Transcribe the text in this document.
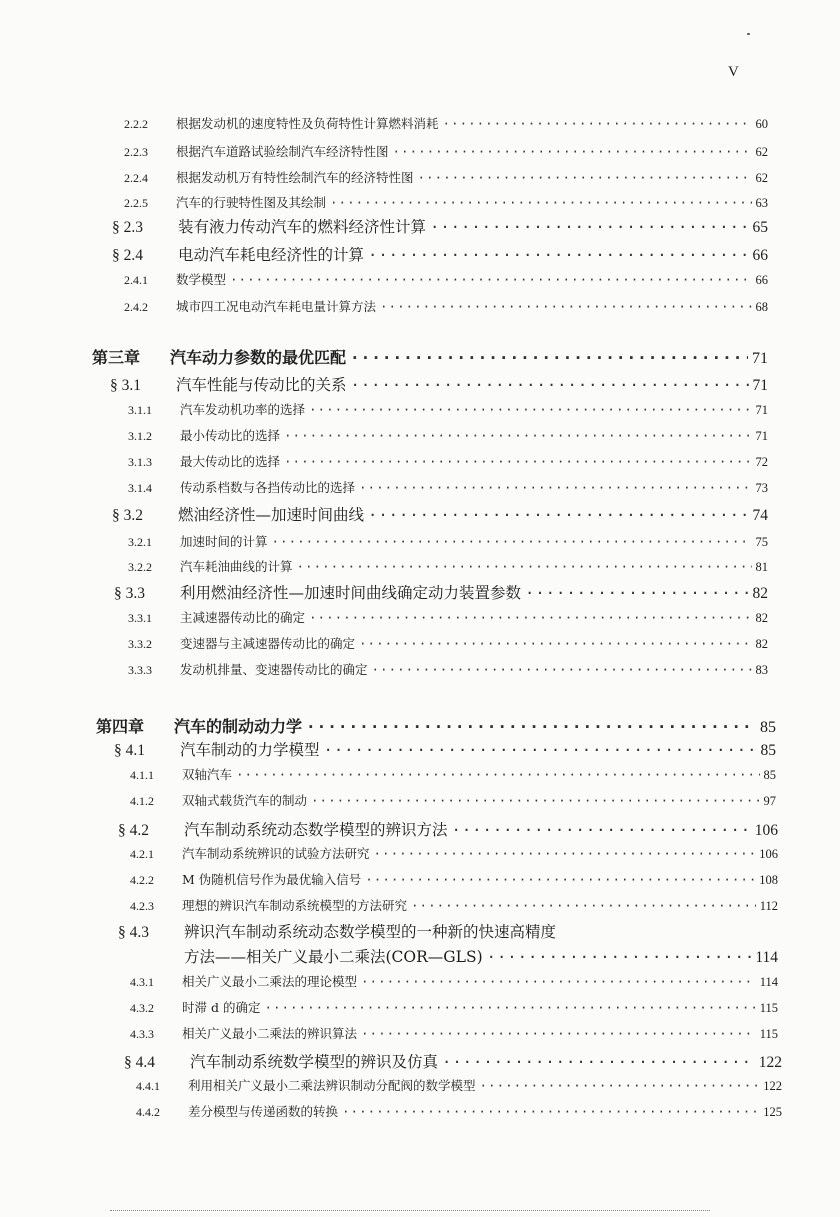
V
2.2.2	根据发动机的速度特性及负荷特性计算燃料消耗 ·····	60
2.2.3	根据汽车道路试验绘制汽车经济特性图 ·····	62
2.2.4	根据发动机万有特性绘制汽车的经济特性图 ·····	62
2.2.5	汽车的行驶特性图及其绘制 ·····	63
§ 2.3	装有液力传动汽车的燃料经济性计算 ·····	65
§ 2.4	电动汽车耗电经济性的计算 ·····	66
2.4.1	数学模型 ·····	66
2.4.2	城市四工况电动汽车耗电量计算方法 ·····	68
第三章	汽车动力参数的最优匹配 ·····	71
§ 3.1	汽车性能与传动比的关系 ·····	71
3.1.1	汽车发动机功率的选择 ·····	71
3.1.2	最小传动比的选择 ·····	71
3.1.3	最大传动比的选择 ·····	72
3.1.4	传动系档数与各挡传动比的选择 ·····	73
§ 3.2	燃油经济性—加速时间曲线 ·····	74
3.2.1	加速时间的计算 ·····	75
3.2.2	汽车耗油曲线的计算 ·····	81
§ 3.3	利用燃油经济性—加速时间曲线确定动力装置参数 ·····	82
3.3.1	主减速器传动比的确定 ·····	82
3.3.2	变速器与主减速器传动比的确定 ·····	82
3.3.3	发动机排量、变速器传动比的确定 ·····	83
第四章	汽车的制动动力学 ·····	85
§ 4.1	汽车制动的力学模型 ·····	85
4.1.1	双轴汽车 ·····	85
4.1.2	双轴式载货汽车的制动 ·····	97
§ 4.2	汽车制动系统动态数学模型的辨识方法 ·····	106
4.2.1	汽车制动系统辨识的试验方法研究 ·····	106
4.2.2	M 伪随机信号作为最优输入信号 ·····	108
4.2.3	理想的辨识汽车制动系统模型的方法研究 ·····	112
§ 4.3	辨识汽车制动系统动态数学模型的一种新的快速高精度
方法——相关广义最小二乘法(COR—GLS) ·····	114
4.3.1	相关广义最小二乘法的理论模型 ·····	114
4.3.2	时滞 d 的确定 ·····	115
4.3.3	相关广义最小二乘法的辨识算法 ·····	115
§ 4.4	汽车制动系统数学模型的辨识及仿真 ·····	122
4.4.1	利用相关广义最小二乘法辨识制动分配阀的数学模型 ·····	122
4.4.2	差分模型与传递函数的转换 ·····	125
